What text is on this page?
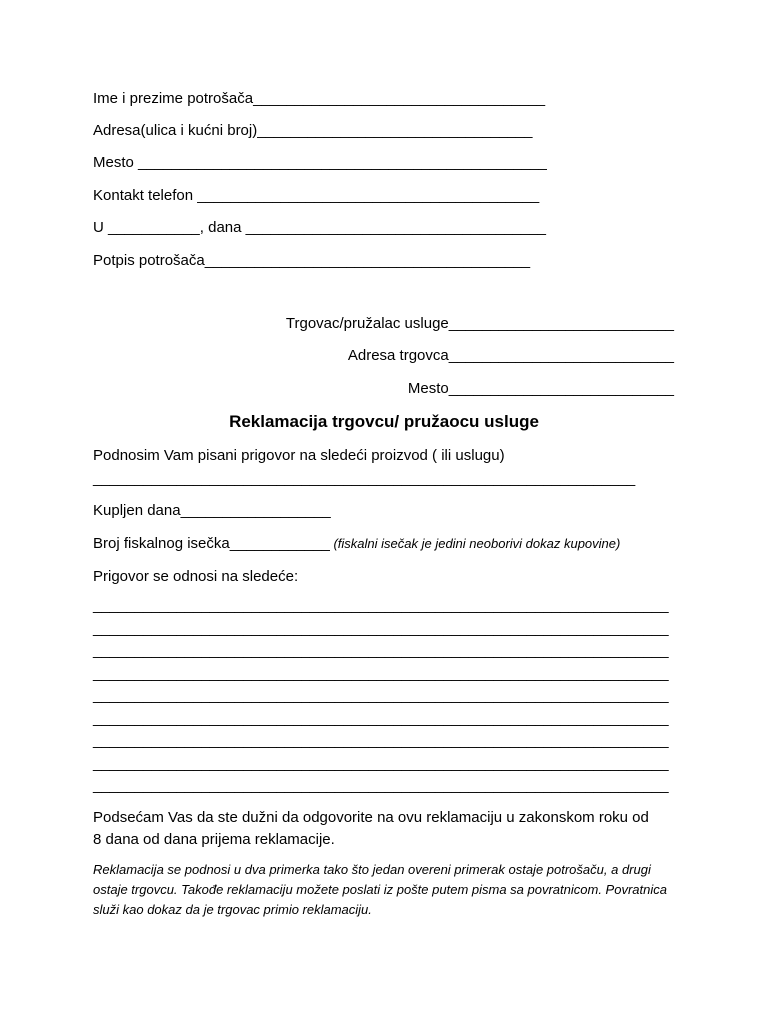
Ime i prezime potrošača___________________________________
Adresa(ulica i kućni broj)_________________________________
Mesto _________________________________________________
Kontakt telefon _________________________________________
U ___________, dana ____________________________________
Potpis potrošača_______________________________________
Trgovac/pružalac usluge___________________________
Adresa trgovca___________________________
Mesto___________________________
Reklamacija trgovcu/ pružaocu usluge
Podnosim Vam pisani prigovor na sledeći proizvod ( ili uslugu)
_________________________________________________________________
Kupljen dana__________________
Broj fiskalnog isečka____________ (fiskalni isečak je jedini neoborivi dokaz kupovine)
Prigovor se odnosi na sledeće:
_____________________________________________________________________
_____________________________________________________________________
_____________________________________________________________________
_____________________________________________________________________
_____________________________________________________________________
_____________________________________________________________________
_____________________________________________________________________
_____________________________________________________________________
_____________________________________________________________________
Podsećam Vas da ste dužni da odgovorite na ovu reklamaciju u zakonskom roku od 8 dana od dana prijema reklamacije.
Reklamacija se podnosi u dva primerka tako što jedan overeni primerak ostaje potrošaču, a drugi ostaje trgovcu. Takođe reklamaciju možete poslati iz pošte putem pisma sa povratnicom. Povratnica služi kao dokaz da je trgovac primio reklamaciju.
